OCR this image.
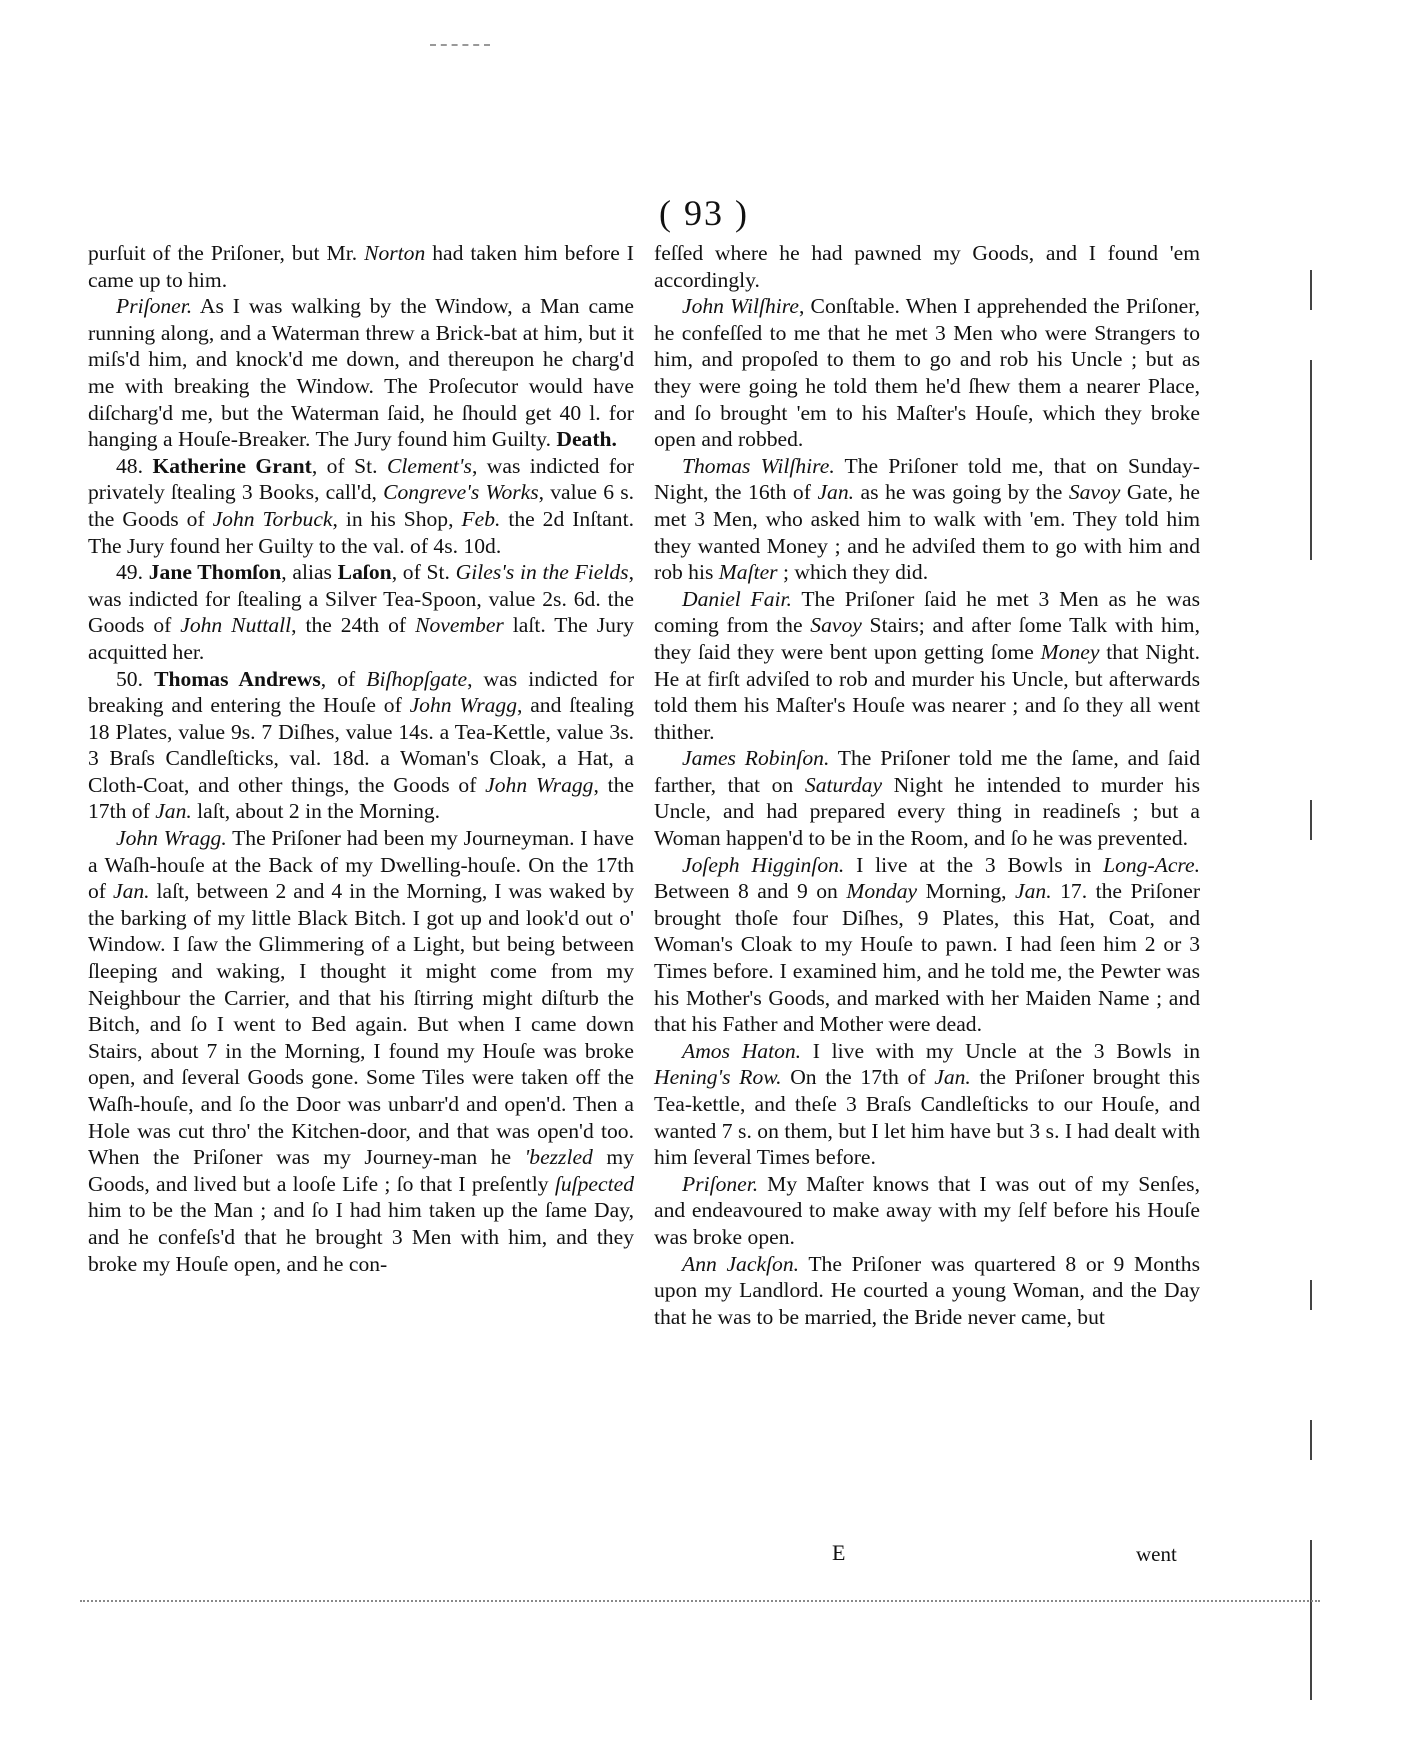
( 93 )

purſuit of the Priſoner, but Mr. Norton had taken him before I came up to him.

Priſoner. As I was walking by the Window, a Man came running along, and a Waterman threw a Brick-bat at him, but it miſs'd him, and knock'd me down, and thereupon he charg'd me with breaking the Window. The Proſecutor would have diſcharg'd me, but the Waterman ſaid, he ſhould get 40 l. for hanging a Houſe-Breaker. The Jury found him Guilty. Death.

48. Katherine Grant, of St. Clement's, was indicted for privately ſtealing 3 Books, call'd, Congreve's Works, value 6 s. the Goods of John Torbuck, in his Shop, Feb. the 2d Inſtant. The Jury found her Guilty to the val. of 4s. 10d.

49. Jane Thomſon, alias Laſon, of St. Giles's in the Fields, was indicted for ſtealing a Silver Tea-Spoon, value 2s. 6d. the Goods of John Nuttall, the 24th of November laſt. The Jury acquitted her.

50. Thomas Andrews, of Biſhopſgate, was indicted for breaking and entering the Houſe of John Wragg, and ſtealing 18 Plates, value 9s. 7 Diſhes, value 14s. a Tea-Kettle, value 3s. 3 Braſs Candleſticks, val. 18d. a Woman's Cloak, a Hat, a Cloth-Coat, and other things, the Goods of John Wragg, the 17th of Jan. laſt, about 2 in the Morning.

John Wragg. The Priſoner had been my Journeyman. I have a Waſh-houſe at the Back of my Dwelling-houſe. On the 17th of Jan. laſt, between 2 and 4 in the Morning, I was waked by the barking of my little Black Bitch. I got up and look'd out o' Window. I ſaw the Glimmering of a Light, but being between ſleeping and waking, I thought it might come from my Neighbour the Carrier, and that his ſtirring might diſturb the Bitch, and ſo I went to Bed again. But when I came down Stairs, about 7 in the Morning, I found my Houſe was broke open, and ſeveral Goods gone. Some Tiles were taken off the Waſh-houſe, and ſo the Door was unbarr'd and open'd. Then a Hole was cut thro' the Kitchen-door, and that was open'd too. When the Priſoner was my Journey-man he 'bezzled my Goods, and lived but a looſe Life ; ſo that I preſently ſuſpected him to be the Man ; and ſo I had him taken up the ſame Day, and he confeſs'd that he brought 3 Men with him, and they broke my Houſe open, and he con-

feſſed where he had pawned my Goods, and I found 'em accordingly.

John Wilſhire, Conſtable. When I apprehended the Priſoner, he confeſſed to me that he met 3 Men who were Strangers to him, and propoſed to them to go and rob his Uncle ; but as they were going he told them he'd ſhew them a nearer Place, and ſo brought 'em to his Maſter's Houſe, which they broke open and robbed.

Thomas Wilſhire. The Priſoner told me, that on Sunday-Night, the 16th of Jan. as he was going by the Savoy Gate, he met 3 Men, who asked him to walk with 'em. They told him they wanted Money ; and he adviſed them to go with him and rob his Maſter ; which they did.

Daniel Fair. The Priſoner ſaid he met 3 Men as he was coming from the Savoy Stairs; and after ſome Talk with him, they ſaid they were bent upon getting ſome Money that Night. He at firſt adviſed to rob and murder his Uncle, but afterwards told them his Maſter's Houſe was nearer ; and ſo they all went thither.

James Robinſon. The Priſoner told me the ſame, and ſaid farther, that on Saturday Night he intended to murder his Uncle, and had prepared every thing in readineſs ; but a Woman happen'd to be in the Room, and ſo he was prevented.

Joſeph Higginſon. I live at the 3 Bowls in Long-Acre. Between 8 and 9 on Monday Morning, Jan. 17. the Priſoner brought thoſe four Diſhes, 9 Plates, this Hat, Coat, and Woman's Cloak to my Houſe to pawn. I had ſeen him 2 or 3 Times before. I examined him, and he told me, the Pewter was his Mother's Goods, and marked with her Maiden Name ; and that his Father and Mother were dead.

Amos Haton. I live with my Uncle at the 3 Bowls in Hening's Row. On the 17th of Jan. the Priſoner brought this Tea-kettle, and theſe 3 Braſs Candleſticks to our Houſe, and wanted 7 s. on them, but I let him have but 3 s. I had dealt with him ſeveral Times before.

Priſoner. My Maſter knows that I was out of my Senſes, and endeavoured to make away with my ſelf before his Houſe was broke open.

Ann Jackſon. The Priſoner was quartered 8 or 9 Months upon my Landlord. He courted a young Woman, and the Day that he was to be married, the Bride never came, but

E	went
